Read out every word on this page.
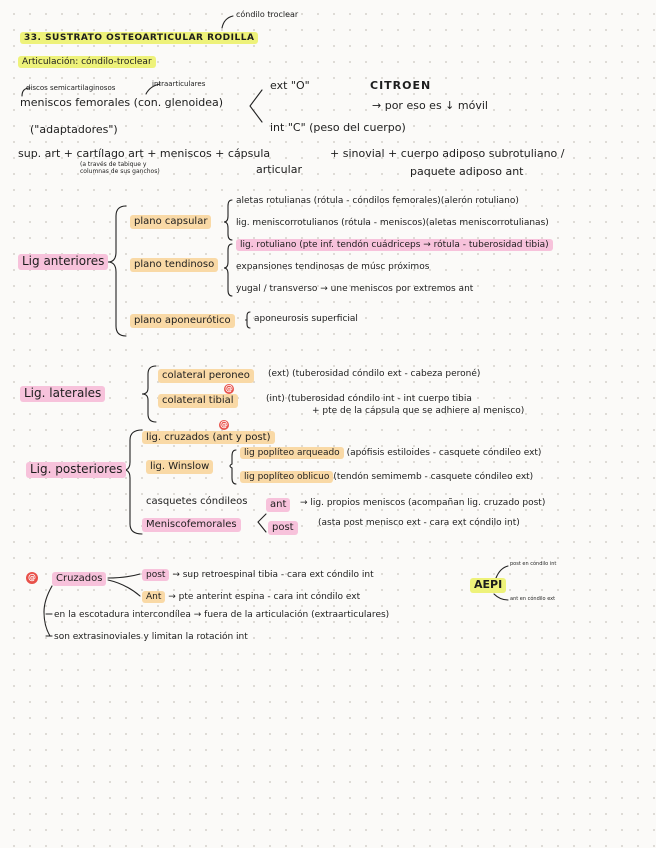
cóndilo troclear
33. SUSTRATO OSTEOARTICULAR RODILLA
Articulación: cóndilo-troclear
discos semicartilaginosos	intraarticulares
meniscos femorales (con. glenoidea)
("adaptadores")
ext "O"
int "C" (peso del cuerpo)
CITROEN
→ por eso es ↓ móvil
sup. art + cartílago art + meniscos + cápsula
(a través de tabique y columnas de sus ganchos)	articular
+ sinovial + cuerpo adiposo subrotuliano /
paquete adiposo ant
Lig anteriores
plano capsular
aletas rotulianas (rótula - cóndilos femorales)(alerón rotuliano)
lig. meniscorrotulianos (rótula - meniscos)(aletas meniscorrotulianas)
plano tendinoso
lig. rotuliano (pte inf. tendón cuádriceps → rótula - tuberosidad tibia)
expansiones tendinosas de músc próximos
yugal / transverso → une meniscos por extremos ant
plano aponeurótico	aponeurosis superficial
Lig. laterales
colateral peroneo	(ext) (tuberosidad cóndilo ext - cabeza peroné)
colateral tibial
@
(int) (tuberosidad cóndilo int - int cuerpo tibia
+ pte de la cápsula que se adhiere al menisco)
Lig. posteriores
lig. cruzados (ant y post)
@
lig. Winslow
lig poplíteo arqueado (apófisis estiloides - casquete cóndileo ext)
lig poplíteo oblicuo (tendón semimemb - casquete cóndileo ext)
casquetes cóndileos	ant	→ lig. propios meniscos (acompañan lig. cruzado post)
Meniscofemorales	post	(asta post menisco ext - cara ext cóndilo int)
@	Cruzados	post → sup retroespinal tibia - cara ext cóndilo int
Ant → pte anterint espina - cara int cóndilo ext
AEPI
post en cóndilo int
ant en cóndilo ext
en la escotadura intercondílea → fuera de la articulación (extraarticulares)
son extrasinoviales y limitan la rotación int
